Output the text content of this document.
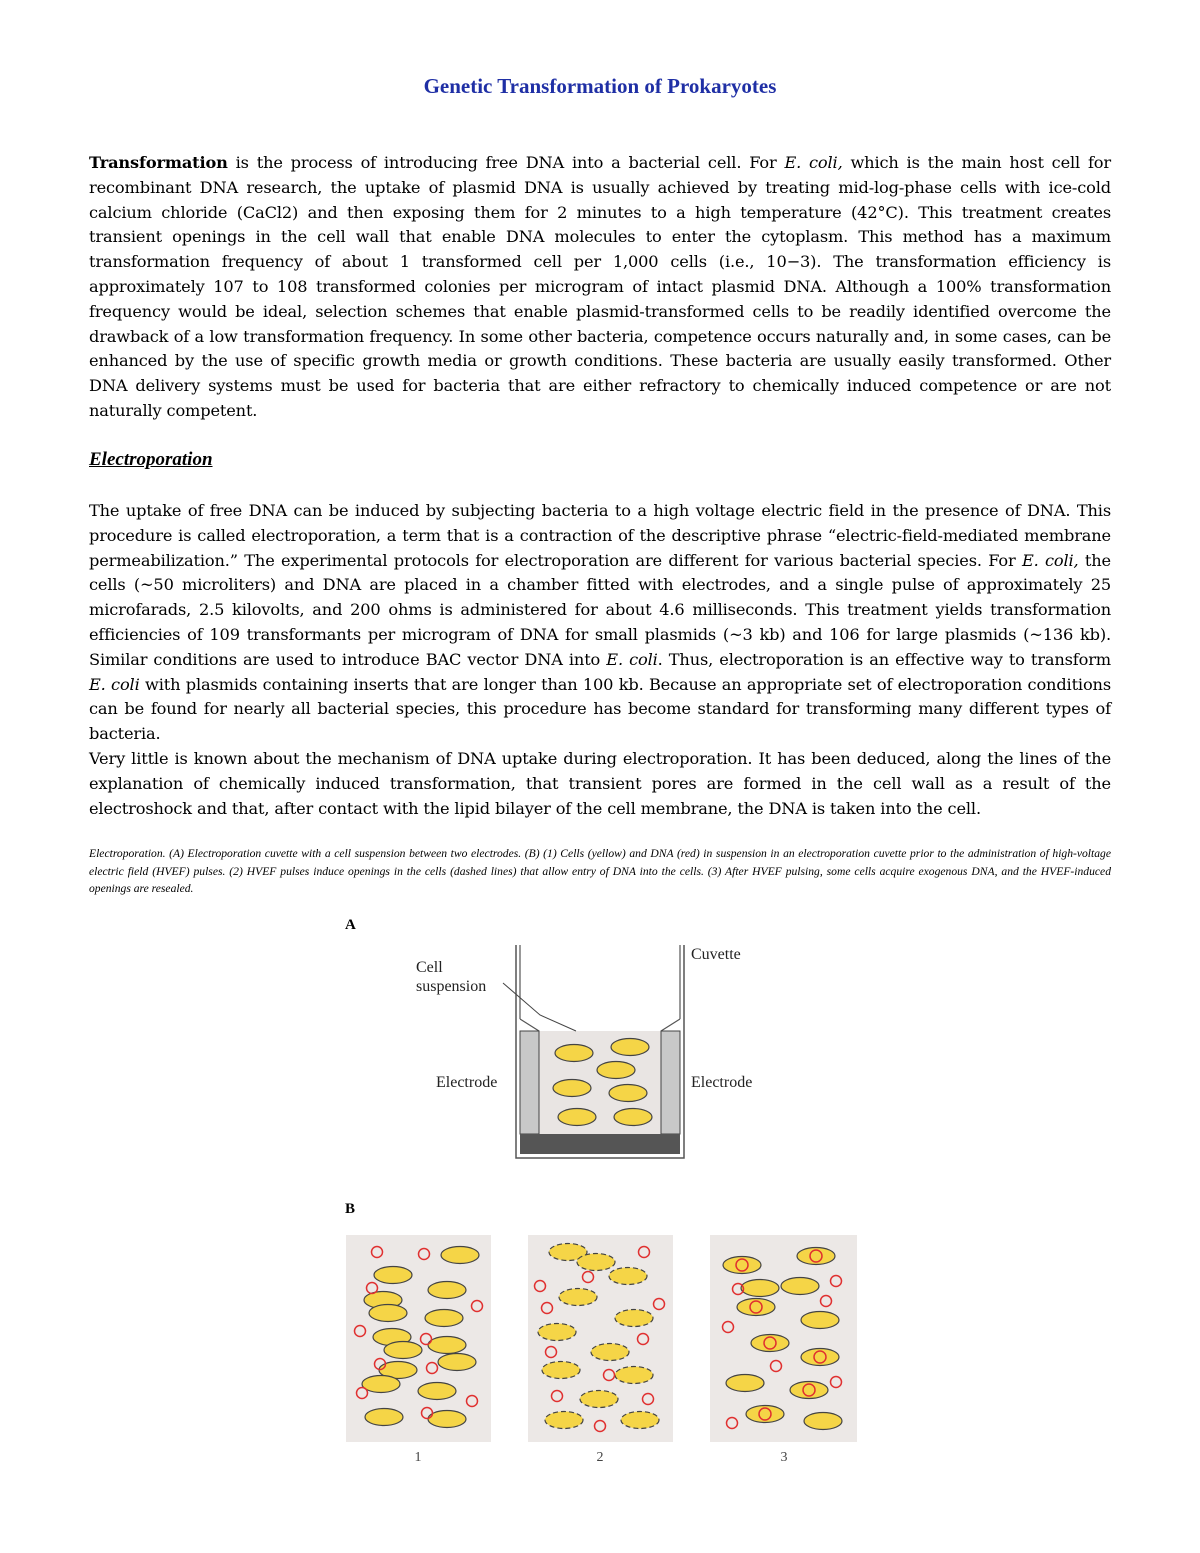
Genetic Transformation of Prokaryotes

Transformation is the process of introducing free DNA into a bacterial cell. For E. coli, which is the main host cell for recombinant DNA research, the uptake of plasmid DNA is usually achieved by treating mid-log-phase cells with ice-cold calcium chloride (CaCl2) and then exposing them for 2 minutes to a high temperature (42°C). This treatment creates transient openings in the cell wall that enable DNA molecules to enter the cytoplasm. This method has a maximum transformation frequency of about 1 transformed cell per 1,000 cells (i.e., 10−3). The transformation efficiency is approximately 107 to 108 transformed colonies per microgram of intact plasmid DNA. Although a 100% transformation frequency would be ideal, selection schemes that enable plasmid-transformed cells to be readily identified overcome the drawback of a low transformation frequency. In some other bacteria, competence occurs naturally and, in some cases, can be enhanced by the use of specific growth media or growth conditions. These bacteria are usually easily transformed. Other DNA delivery systems must be used for bacteria that are either refractory to chemically induced competence or are not naturally competent.

Electroporation

The uptake of free DNA can be induced by subjecting bacteria to a high voltage electric field in the presence of DNA. This procedure is called electroporation, a term that is a contraction of the descriptive phrase “electric-field-mediated membrane permeabilization.” The experimental protocols for electroporation are different for various bacterial species. For E. coli, the cells (~50 microliters) and DNA are placed in a chamber fitted with electrodes, and a single pulse of approximately 25 microfarads, 2.5 kilovolts, and 200 ohms is administered for about 4.6 milliseconds. This treatment yields transformation efficiencies of 109 transformants per microgram of DNA for small plasmids (~3 kb) and 106 for large plasmids (~136 kb). Similar conditions are used to introduce BAC vector DNA into E. coli. Thus, electroporation is an effective way to transform E. coli with plasmids containing inserts that are longer than 100 kb. Because an appropriate set of electroporation conditions can be found for nearly all bacterial species, this procedure has become standard for transforming many different types of bacteria.

Very little is known about the mechanism of DNA uptake during electroporation. It has been deduced, along the lines of the explanation of chemically induced transformation, that transient pores are formed in the cell wall as a result of the electroshock and that, after contact with the lipid bilayer of the cell membrane, the DNA is taken into the cell.

Electroporation. (A) Electroporation cuvette with a cell suspension between two electrodes. (B) (1) Cells (yellow) and DNA (red) in suspension in an electroporation cuvette prior to the administration of high-voltage electric field (HVEF) pulses. (2) HVEF pulses induce openings in the cells (dashed lines) that allow entry of DNA into the cells. (3) After HVEF pulsing, some cells acquire exogenous DNA, and the HVEF-induced openings are resealed.

A
Cell
suspension
Cuvette
Electrode	Electrode
B
1	2	3
